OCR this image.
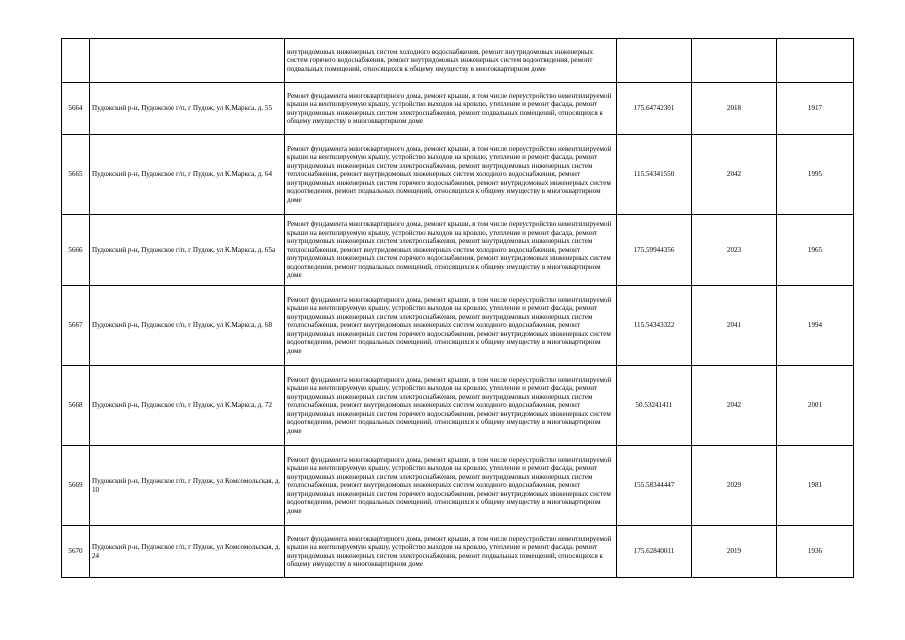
		внутридомовых инженерных систем холодного водоснабжения, ремонт внутридомовых инженерных систем горячего водоснабжения, ремонт внутридомовых инженерных систем водоотведения, ремонт подвальных помещений, относящихся к общему имуществу в многоквартирном доме			
5664	Пудожский р-н, Пудожское г/п, г Пудож, ул К.Маркса, д. 55	Ремонт фундамента многоквартирного дома, ремонт крыши, в том числе переустройство невентилируемой крыши на вентилируемую крышу, устройство выходов на кровлю, утепление и ремонт фасада, ремонт внутридомовых инженерных систем электроснабжения, ремонт подвальных помещений, относящихся к общему имуществу в многоквартирном доме	175.64742301	2018	1917
5665	Пудожский р-н, Пудожское г/п, г Пудож, ул К.Маркса, д. 64	Ремонт фундамента многоквартирного дома, ремонт крыши, в том числе переустройство невентилируемой крыши на вентилируемую крышу, устройство выходов на кровлю, утепление и ремонт фасада, ремонт внутридомовых инженерных систем электроснабжения, ремонт внутридомовых инженерных систем теплоснабжения, ремонт внутридомовых инженерных систем холодного водоснабжения, ремонт внутридомовых инженерных систем горячего водоснабжения, ремонт внутридомовых инженерных систем водоотведения, ремонт подвальных помещений, относящихся к общему имуществу в многоквартирном доме	115.54341550	2042	1995
5666	Пудожский р-н, Пудожское г/п, г Пудож, ул К.Маркса, д. 65а	Ремонт фундамента многоквартирного дома, ремонт крыши, в том числе переустройство невентилируемой крыши на вентилируемую крышу, устройство выходов на кровлю, утепление и ремонт фасада, ремонт внутридомовых инженерных систем электроснабжения, ремонт внутридомовых инженерных систем теплоснабжения, ремонт внутридомовых инженерных систем холодного водоснабжения, ремонт внутридомовых инженерных систем горячего водоснабжения, ремонт внутридомовых инженерных систем водоотведения, ремонт подвальных помещений, относящихся к общему имуществу в многоквартирном доме	175.59944356	2023	1965
5667	Пудожский р-н, Пудожское г/п, г Пудож, ул К.Маркса, д. 68	Ремонт фундамента многоквартирного дома, ремонт крыши, в том числе переустройство невентилируемой крыши на вентилируемую крышу, устройство выходов на кровлю, утепление и ремонт фасада, ремонт внутридомовых инженерных систем электроснабжения, ремонт внутридомовых инженерных систем теплоснабжения, ремонт внутридомовых инженерных систем холодного водоснабжения, ремонт внутридомовых инженерных систем горячего водоснабжения, ремонт внутридомовых инженерных систем водоотведения, ремонт подвальных помещений, относящихся к общему имуществу в многоквартирном доме	115.54343322	2041	1994
5668	Пудожский р-н, Пудожское г/п, г Пудож, ул К.Маркса, д. 72	Ремонт фундамента многоквартирного дома, ремонт крыши, в том числе переустройство невентилируемой крыши на вентилируемую крышу, устройство выходов на кровлю, утепление и ремонт фасада, ремонт внутридомовых инженерных систем электроснабжения, ремонт внутридомовых инженерных систем теплоснабжения, ремонт внутридомовых инженерных систем холодного водоснабжения, ремонт внутридомовых инженерных систем горячего водоснабжения, ремонт внутридомовых инженерных систем водоотведения, ремонт подвальных помещений, относящихся к общему имуществу в многоквартирном доме	50.53241411	2042	2001
5669	Пудожский р-н, Пудожское г/п, г Пудож, ул Комсомольская, д. 10	Ремонт фундамента многоквартирного дома, ремонт крыши, в том числе переустройство невентилируемой крыши на вентилируемую крышу, устройство выходов на кровлю, утепление и ремонт фасада, ремонт внутридомовых инженерных систем электроснабжения, ремонт внутридомовых инженерных систем теплоснабжения, ремонт внутридомовых инженерных систем холодного водоснабжения, ремонт внутридомовых инженерных систем горячего водоснабжения, ремонт внутридомовых инженерных систем водоотведения, ремонт подвальных помещений, относящихся к общему имуществу в многоквартирном доме	155.58344447	2029	1981
5670	Пудожский р-н, Пудожское г/п, г Пудож, ул Комсомольская, д. 24	Ремонт фундамента многоквартирного дома, ремонт крыши, в том числе переустройство невентилируемой крыши на вентилируемую крышу, устройство выходов на кровлю, утепление и ремонт фасада, ремонт внутридомовых инженерных систем электроснабжения, ремонт подвальных помещений, относящихся к общему имуществу в многоквартирном доме	175.62840011	2019	1936
